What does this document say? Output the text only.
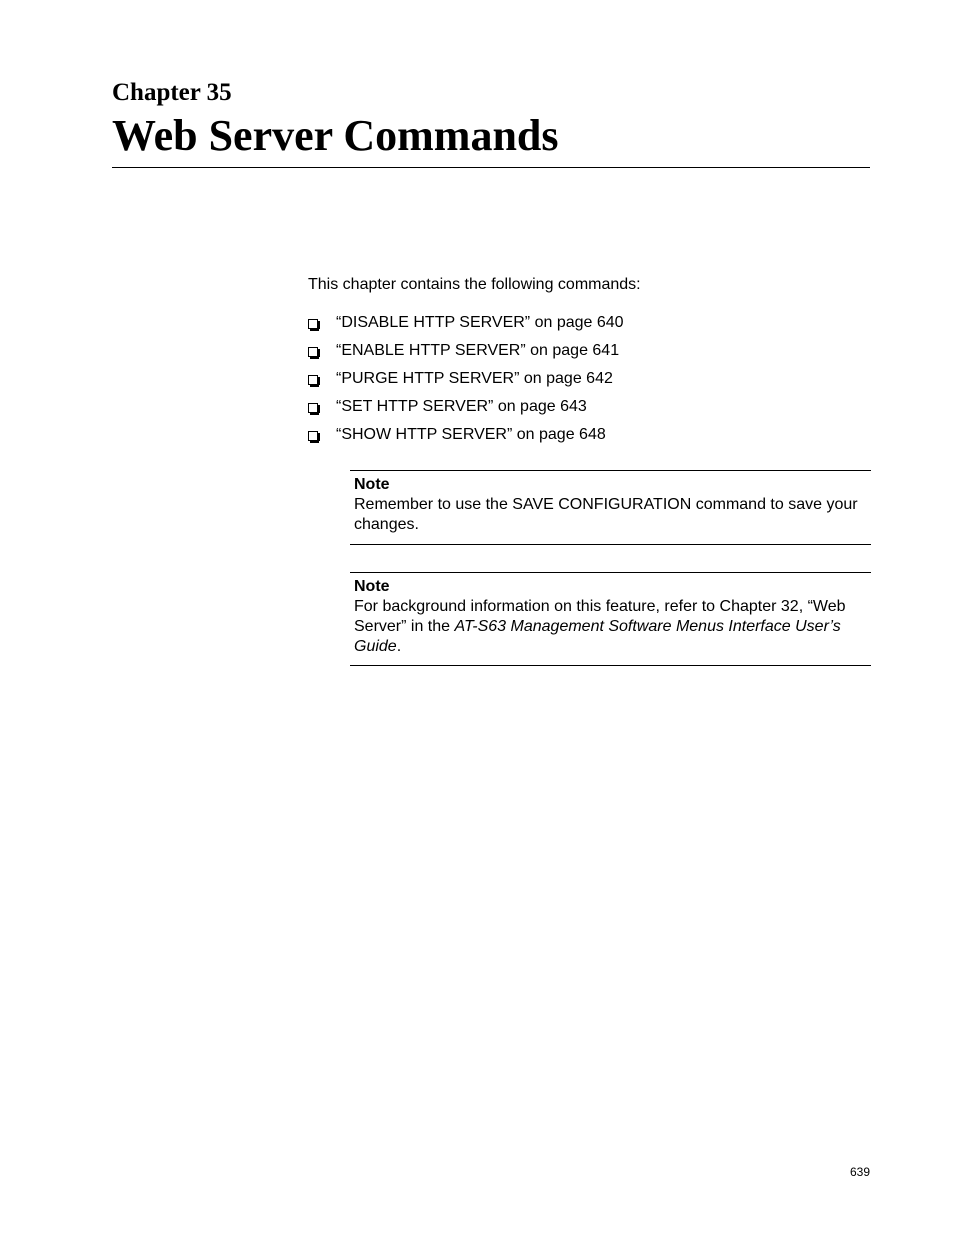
Chapter 35
Web Server Commands
This chapter contains the following commands:
“DISABLE HTTP SERVER” on page 640
“ENABLE HTTP SERVER” on page 641
“PURGE HTTP SERVER” on page 642
“SET HTTP SERVER” on page 643
“SHOW HTTP SERVER” on page 648
Note
Remember to use the SAVE CONFIGURATION command to save your changes.
Note
For background information on this feature, refer to Chapter 32, “Web Server” in the AT-S63 Management Software Menus Interface User’s Guide.
639
